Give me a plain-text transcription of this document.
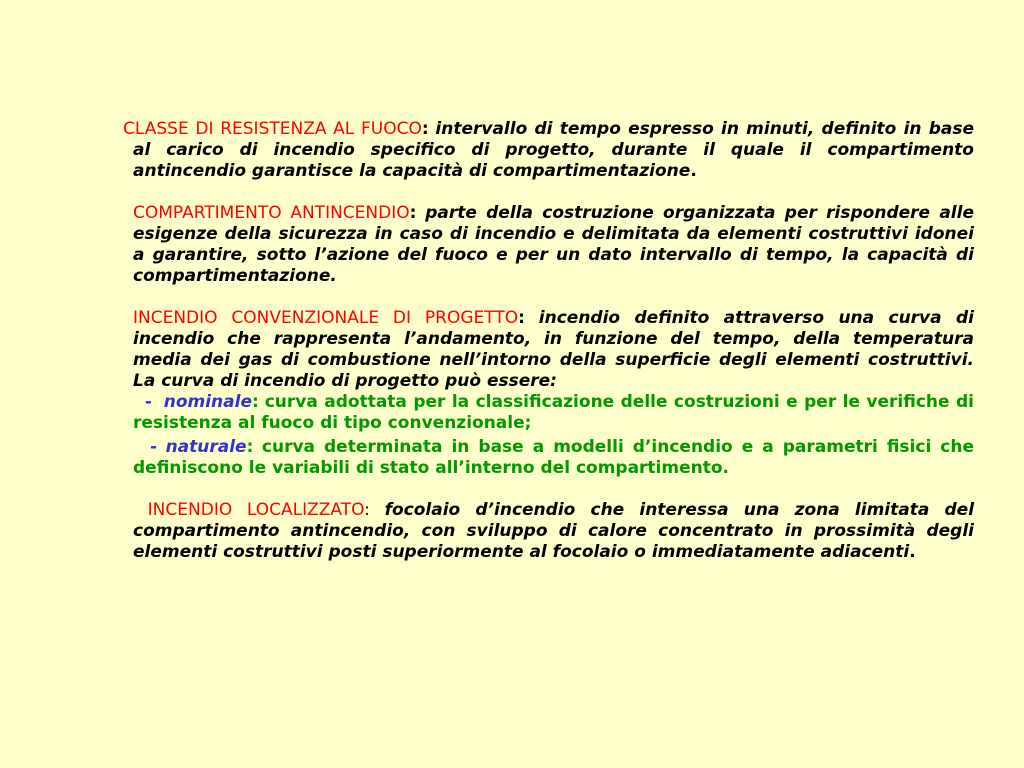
CLASSE DI RESISTENZA AL FUOCO: intervallo di tempo espresso in minuti, definito in base al carico di incendio specifico di progetto, durante il quale il compartimento antincendio garantisce la capacità di compartimentazione.

COMPARTIMENTO ANTINCENDIO: parte della costruzione organizzata per rispondere alle esigenze della sicurezza in caso di incendio e delimitata da elementi costruttivi idonei a garantire, sotto l’azione del fuoco e per un dato intervallo di tempo, la capacità di compartimentazione.

INCENDIO CONVENZIONALE DI PROGETTO: incendio definito attraverso una curva di incendio che rappresenta l’andamento, in funzione del tempo, della temperatura media dei gas di combustione nell’intorno della superficie degli elementi costruttivi. La curva di incendio di progetto può essere:

- nominale: curva adottata per la classificazione delle costruzioni e per le verifiche di resistenza al fuoco di tipo convenzionale;

- naturale: curva determinata in base a modelli d’incendio e a parametri fisici che definiscono le variabili di stato all’interno del compartimento.

INCENDIO LOCALIZZATO: focolaio d’incendio che interessa una zona limitata del compartimento antincendio, con sviluppo di calore concentrato in prossimità degli elementi costruttivi posti superiormente al focolaio o immediatamente adiacenti.
